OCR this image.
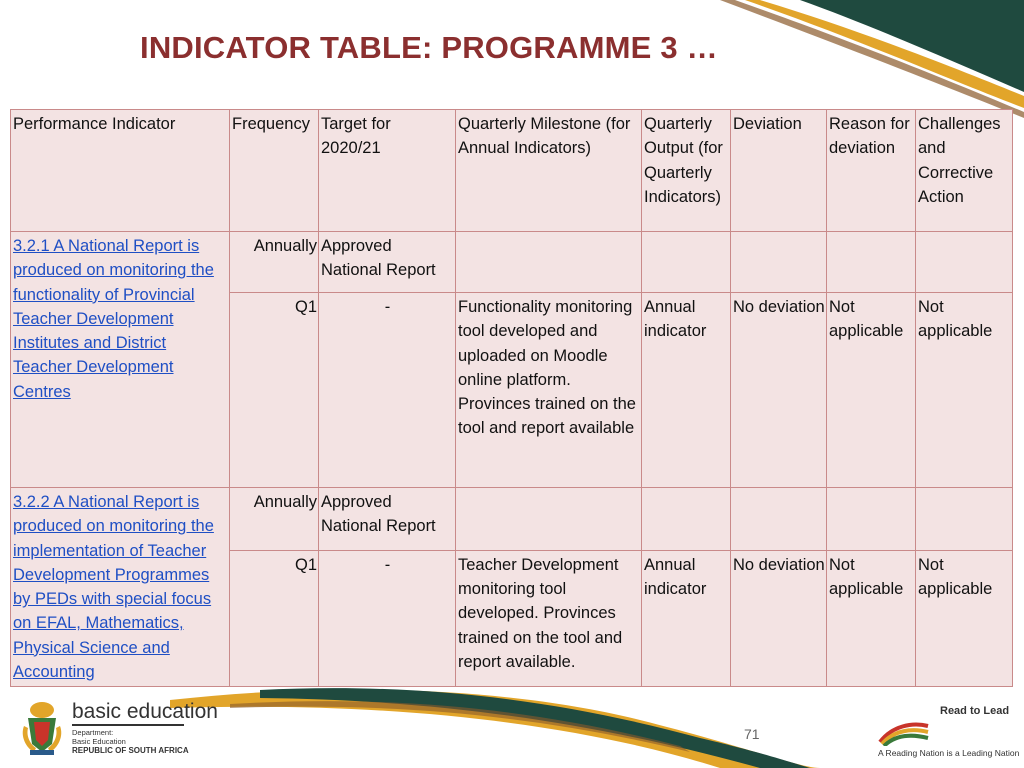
INDICATOR TABLE: PROGRAMME 3 …
Performance Indicator	Frequency	Target for 2020/21	Quarterly Milestone (for Annual Indicators)	Quarterly Output (for Quarterly Indicators)	Deviation	Reason for deviation	Challenges and Corrective Action
3.2.1 A National Report is produced on monitoring the functionality of Provincial Teacher Development Institutes and District Teacher Development Centres	Annually	Approved National Report					
	Q1	-	Functionality monitoring tool developed and uploaded on Moodle online platform. Provinces trained on the tool and report available	Annual indicator	No deviation	Not applicable	Not applicable
3.2.2 A National Report is produced on monitoring the implementation of Teacher Development Programmes by PEDs with special focus on EFAL, Mathematics, Physical Science and Accounting	Annually	Approved National Report					
	Q1	-	Teacher Development monitoring tool developed. Provinces trained on the tool and report available.	Annual indicator	No deviation	Not applicable	Not applicable
71
basic education
Department:
Basic Education
REPUBLIC OF SOUTH AFRICA
Read to Lead
A Reading Nation is a Leading Nation
